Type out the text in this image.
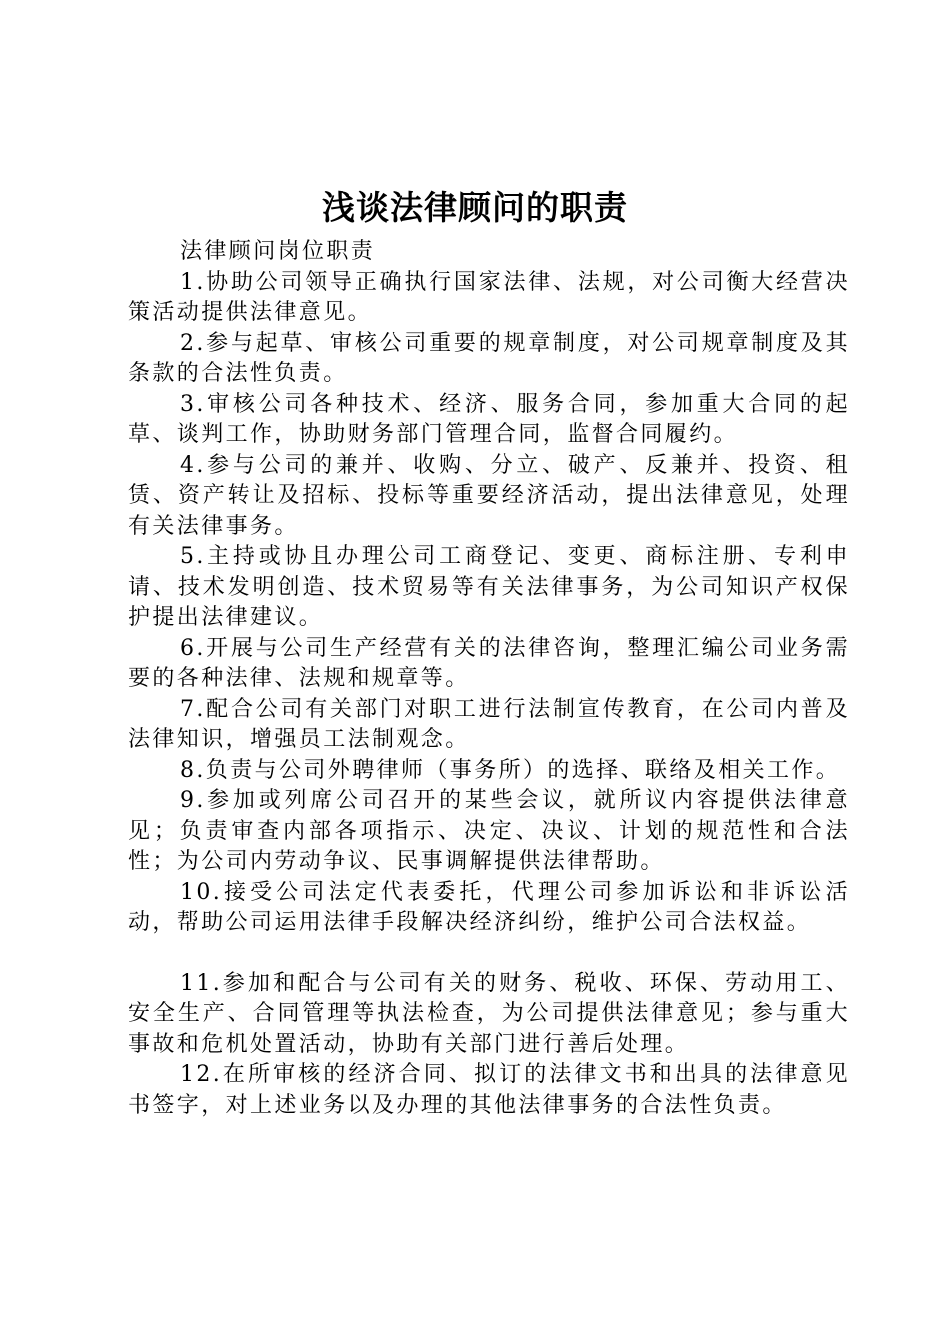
浅谈法律顾问的职责

法律顾问岗位职责

1.协助公司领导正确执行国家法律、法规，对公司衡大经营决策活动提供法律意见。

2.参与起草、审核公司重要的规章制度，对公司规章制度及其条款的合法性负责。

3.审核公司各种技术、经济、服务合同，参加重大合同的起草、谈判工作，协助财务部门管理合同，监督合同履约。

4.参与公司的兼并、收购、分立、破产、反兼并、投资、租赁、资产转让及招标、投标等重要经济活动，提出法律意见，处理有关法律事务。

5.主持或协且办理公司工商登记、变更、商标注册、专利申请、技术发明创造、技术贸易等有关法律事务，为公司知识产权保护提出法律建议。

6.开展与公司生产经营有关的法律咨询，整理汇编公司业务需要的各种法律、法规和规章等。

7.配合公司有关部门对职工进行法制宣传教育，在公司内普及法律知识，增强员工法制观念。

8.负责与公司外聘律师（事务所）的选择、联络及相关工作。

9.参加或列席公司召开的某些会议，就所议内容提供法律意见；负责审查内部各项指示、决定、决议、计划的规范性和合法性；为公司内劳动争议、民事调解提供法律帮助。

10.接受公司法定代表委托，代理公司参加诉讼和非诉讼活动，帮助公司运用法律手段解决经济纠纷，维护公司合法权益。

11.参加和配合与公司有关的财务、税收、环保、劳动用工、安全生产、合同管理等执法检查，为公司提供法律意见；参与重大事故和危机处置活动，协助有关部门进行善后处理。

12.在所审核的经济合同、拟订的法律文书和出具的法律意见书签字，对上述业务以及办理的其他法律事务的合法性负责。
